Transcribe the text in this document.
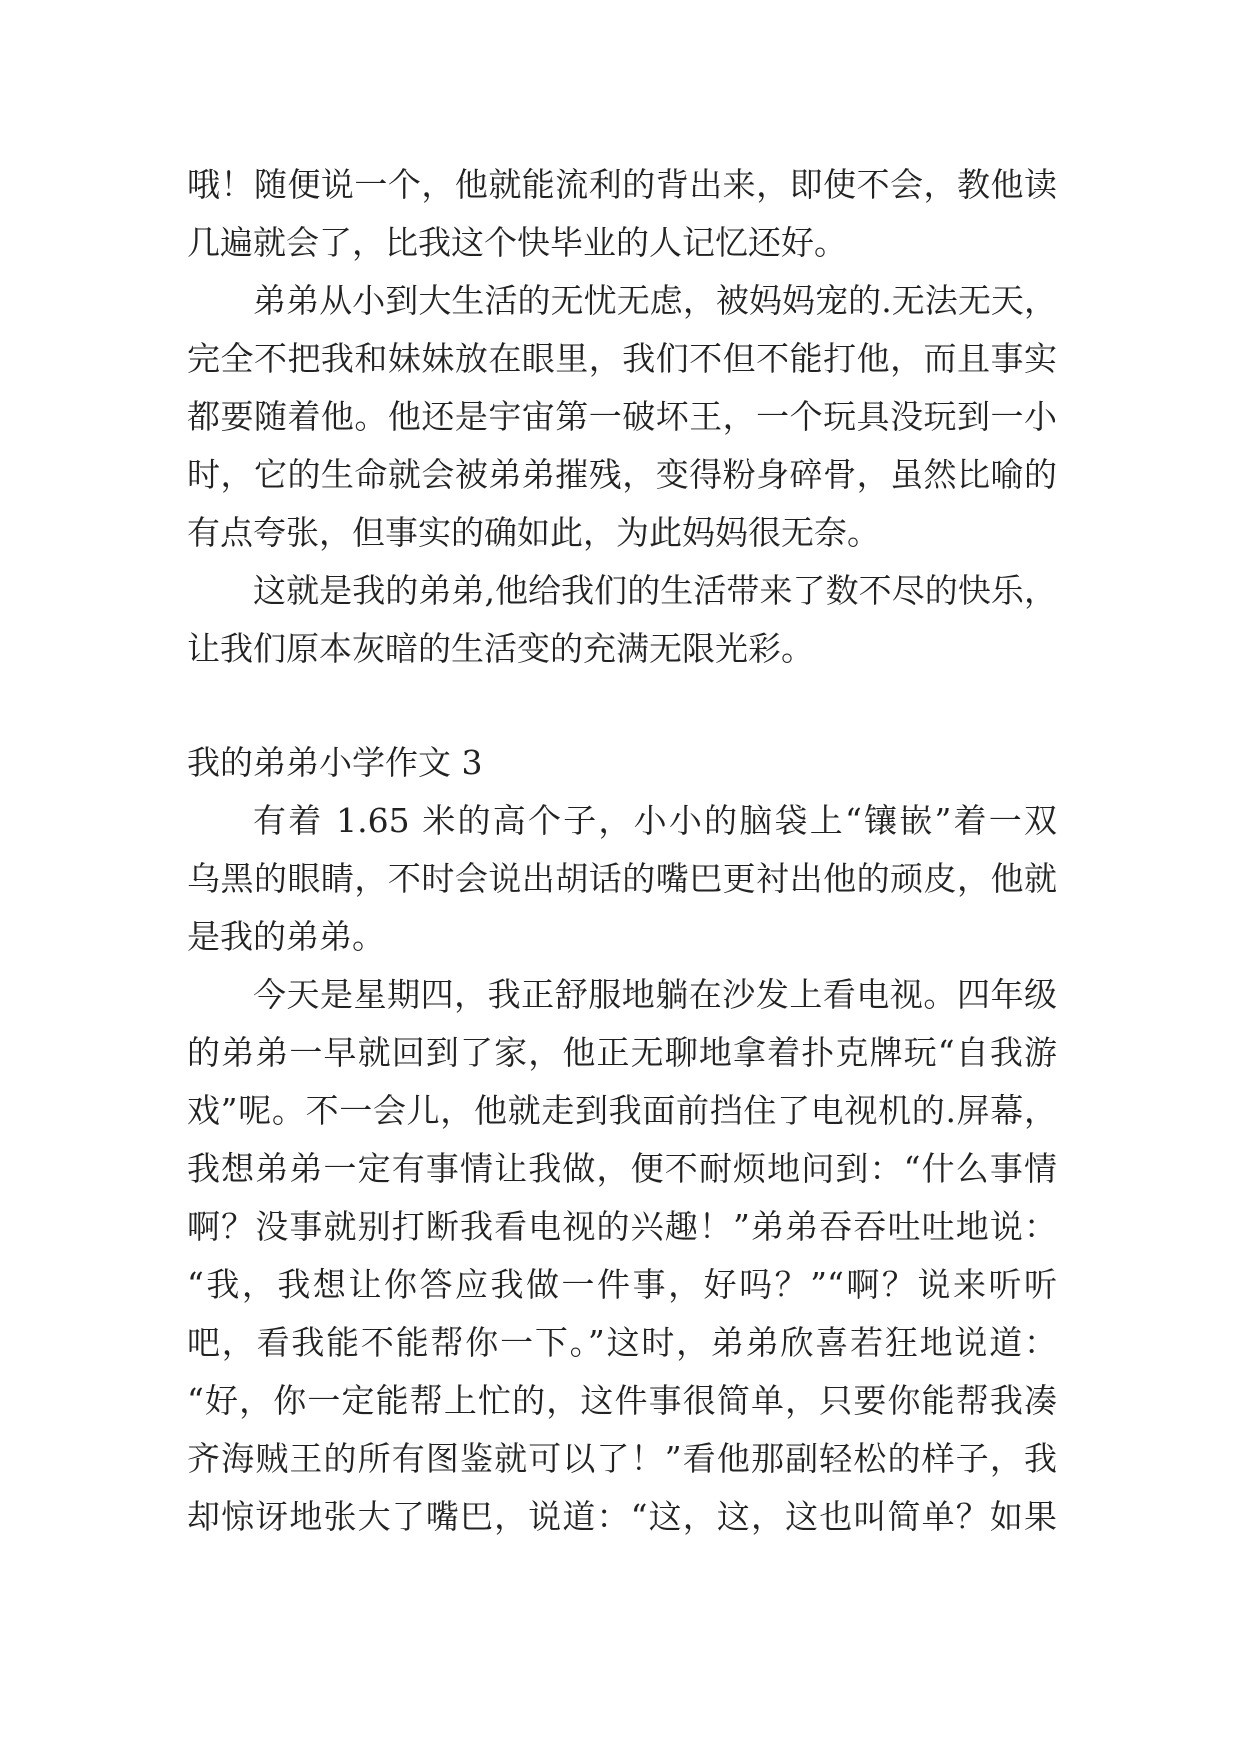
哦！随便说一个，他就能流利的背出来，即使不会，教他读
几遍就会了，比我这个快毕业的人记忆还好。
弟弟从小到大生活的无忧无虑，被妈妈宠的.无法无天，
完全不把我和妹妹放在眼里，我们不但不能打他，而且事实
都要随着他。他还是宇宙第一破坏王，一个玩具没玩到一小
时，它的生命就会被弟弟摧残，变得粉身碎骨，虽然比喻的
有点夸张，但事实的确如此，为此妈妈很无奈。
这就是我的弟弟,他给我们的生活带来了数不尽的快乐，
让我们原本灰暗的生活变的充满无限光彩。
我的弟弟小学作文 3
有着 1.65 米的高个子，小小的脑袋上“镶嵌”着一双
乌黑的眼睛，不时会说出胡话的嘴巴更衬出他的顽皮，他就
是我的弟弟。
今天是星期四，我正舒服地躺在沙发上看电视。四年级
的弟弟一早就回到了家，他正无聊地拿着扑克牌玩“自我游
戏”呢。不一会儿，他就走到我面前挡住了电视机的.屏幕，
我想弟弟一定有事情让我做，便不耐烦地问到：“什么事情
啊？没事就别打断我看电视的兴趣！”弟弟吞吞吐吐地说：
“我，我想让你答应我做一件事，好吗？”“啊？说来听听
吧，看我能不能帮你一下。”这时，弟弟欣喜若狂地说道：
“好，你一定能帮上忙的，这件事很简单，只要你能帮我凑
齐海贼王的所有图鉴就可以了！”看他那副轻松的样子，我
却惊讶地张大了嘴巴，说道：“这，这，这也叫简单？如果
